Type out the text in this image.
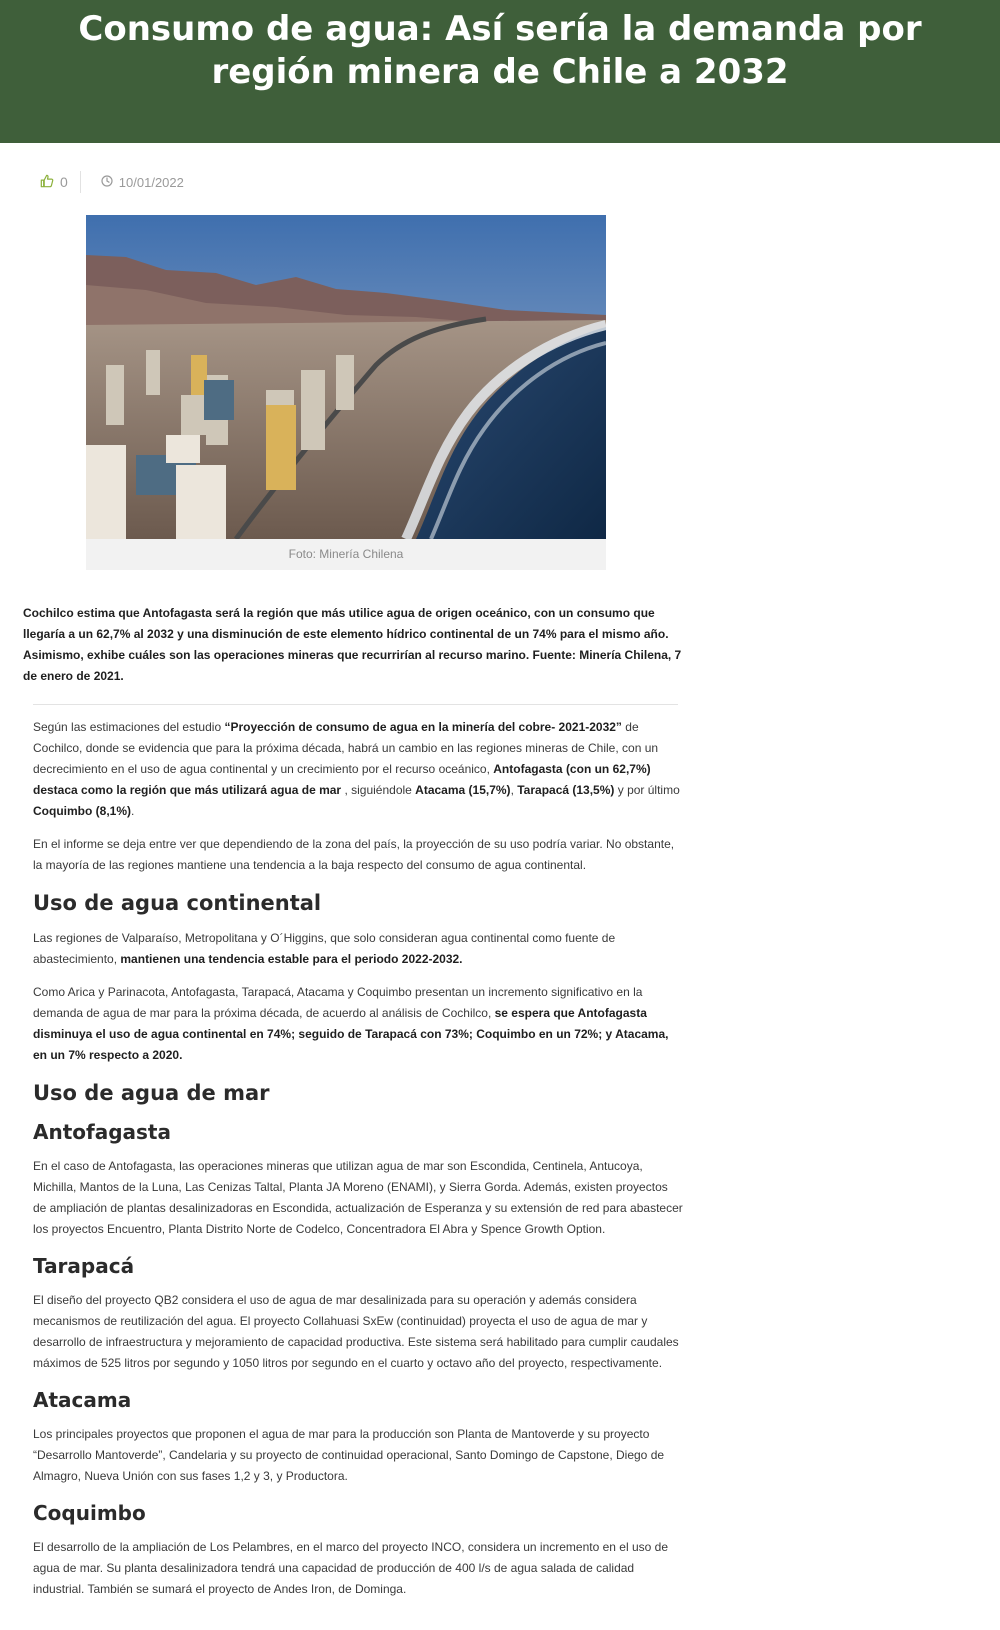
Consumo de agua: Así sería la demanda por región minera de Chile a 2032
0	10/01/2022
Foto: Minería Chilena
Cochilco estima que Antofagasta será la región que más utilice agua de origen oceánico, con un consumo que llegaría a un 62,7% al 2032 y una disminución de este elemento hídrico continental de un 74% para el mismo año. Asimismo, exhibe cuáles son las operaciones mineras que recurrirían al recurso marino. Fuente: Minería Chilena, 7 de enero de 2021.

Según las estimaciones del estudio “Proyección de consumo de agua en la minería del cobre- 2021-2032” de Cochilco, donde se evidencia que para la próxima década, habrá un cambio en las regiones mineras de Chile, con un decrecimiento en el uso de agua continental y un crecimiento por el recurso oceánico, Antofagasta (con un 62,7%) destaca como la región que más utilizará agua de mar , siguiéndole Atacama (15,7%), Tarapacá (13,5%) y por último Coquimbo (8,1%).

En el informe se deja entre ver que dependiendo de la zona del país, la proyección de su uso podría variar. No obstante, la mayoría de las regiones mantiene una tendencia a la baja respecto del consumo de agua continental.

Uso de agua continental

Las regiones de Valparaíso, Metropolitana y O´Higgins, que solo consideran agua continental como fuente de abastecimiento, mantienen una tendencia estable para el periodo 2022-2032.

Como Arica y Parinacota, Antofagasta, Tarapacá, Atacama y Coquimbo presentan un incremento significativo en la demanda de agua de mar para la próxima década, de acuerdo al análisis de Cochilco, se espera que Antofagasta disminuya el uso de agua continental en 74%; seguido de Tarapacá con 73%; Coquimbo en un 72%; y Atacama, en un 7% respecto a 2020.

Uso de agua de mar
Antofagasta

En el caso de Antofagasta, las operaciones mineras que utilizan agua de mar son Escondida, Centinela, Antucoya, Michilla, Mantos de la Luna, Las Cenizas Taltal, Planta JA Moreno (ENAMI), y Sierra Gorda. Además, existen proyectos de ampliación de plantas desalinizadoras en Escondida, actualización de Esperanza y su extensión de red para abastecer los proyectos Encuentro, Planta Distrito Norte de Codelco, Concentradora El Abra y Spence Growth Option.

Tarapacá

El diseño del proyecto QB2 considera el uso de agua de mar desalinizada para su operación y además considera mecanismos de reutilización del agua. El proyecto Collahuasi SxEw (continuidad) proyecta el uso de agua de mar y desarrollo de infraestructura y mejoramiento de capacidad productiva. Este sistema será habilitado para cumplir caudales máximos de 525 litros por segundo y 1050 litros por segundo en el cuarto y octavo año del proyecto, respectivamente.

Atacama

Los principales proyectos que proponen el agua de mar para la producción son Planta de Mantoverde y su proyecto “Desarrollo Mantoverde”, Candelaria y su proyecto de continuidad operacional, Santo Domingo de Capstone, Diego de Almagro, Nueva Unión con sus fases 1,2 y 3, y Productora.

Coquimbo

El desarrollo de la ampliación de Los Pelambres, en el marco del proyecto INCO, considera un incremento en el uso de agua de mar. Su planta desalinizadora tendrá una capacidad de producción de 400 l/s de agua salada de calidad industrial. También se sumará el proyecto de Andes Iron, de Dominga.
